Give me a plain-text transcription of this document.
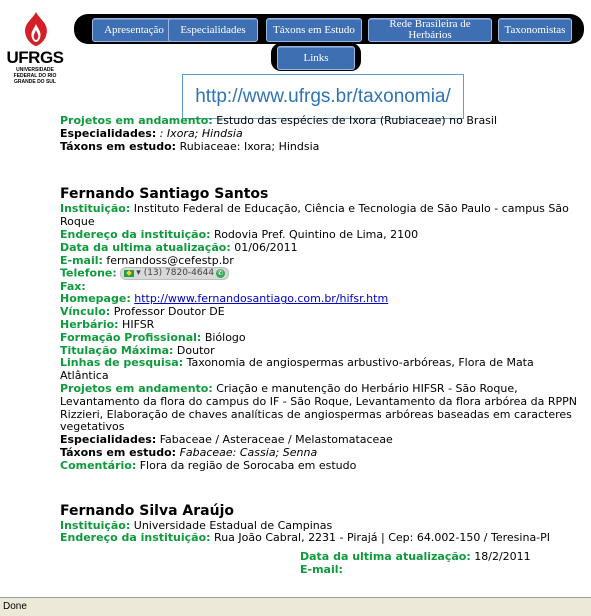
UFRGS
UNIVERSIDADE FEDERAL DO RIO GRANDE DO SUL
Apresentação	Especialidades	Táxons em Estudo	Rede Brasileira de Herbários	Taxonomistas
Links
http://www.ufrgs.br/taxonomia/
Projetos em andamento: Estudo das espécies de Ixora (Rubiaceae) no Brasil
Especialidades: : Ixora; Hindsia
Táxons em estudo: Rubiaceae: Ixora; Hindsia
Fernando Santiago Santos
Instituição: Instituto Federal de Educação, Ciência e Tecnologia de São Paulo - campus São Roque
Endereço da instituição: Rodovia Pref. Quintino de Lima, 2100
Data da ultima atualização: 01/06/2011
E-mail: fernandoss@cefestp.br
Telefone: ▾
(13) 7820-4644 ✆
Fax:
Homepage: http://www.fernandosantiago.com.br/hifsr.htm
Vínculo: Professor Doutor DE
Herbário: HIFSR
Formação Profissional: Biólogo
Titulação Máxima: Doutor
Linhas de pesquisa: Taxonomia de angiospermas arbustivo-arbóreas, Flora de Mata Atlântica
Projetos em andamento: Criação e manutenção do Herbário HIFSR - São Roque, Levantamento da flora do campus do IF - São Roque, Levantamento da flora arbórea da RPPN Rizzieri, Elaboração de chaves analíticas de angiospermas arbóreas baseadas em caracteres vegetativos
Especialidades: Fabaceae / Asteraceae / Melastomataceae
Táxons em estudo: Fabaceae: Cassia; Senna
Comentário: Flora da região de Sorocaba em estudo
Fernando Silva Araújo
Instituição: Universidade Estadual de Campinas
Endereço da instituição: Rua João Cabral, 2231 - Pirajá | Cep: 64.002-150 / Teresina-PI
Data da ultima atualização: 18/2/2011
E-mail:
Done
